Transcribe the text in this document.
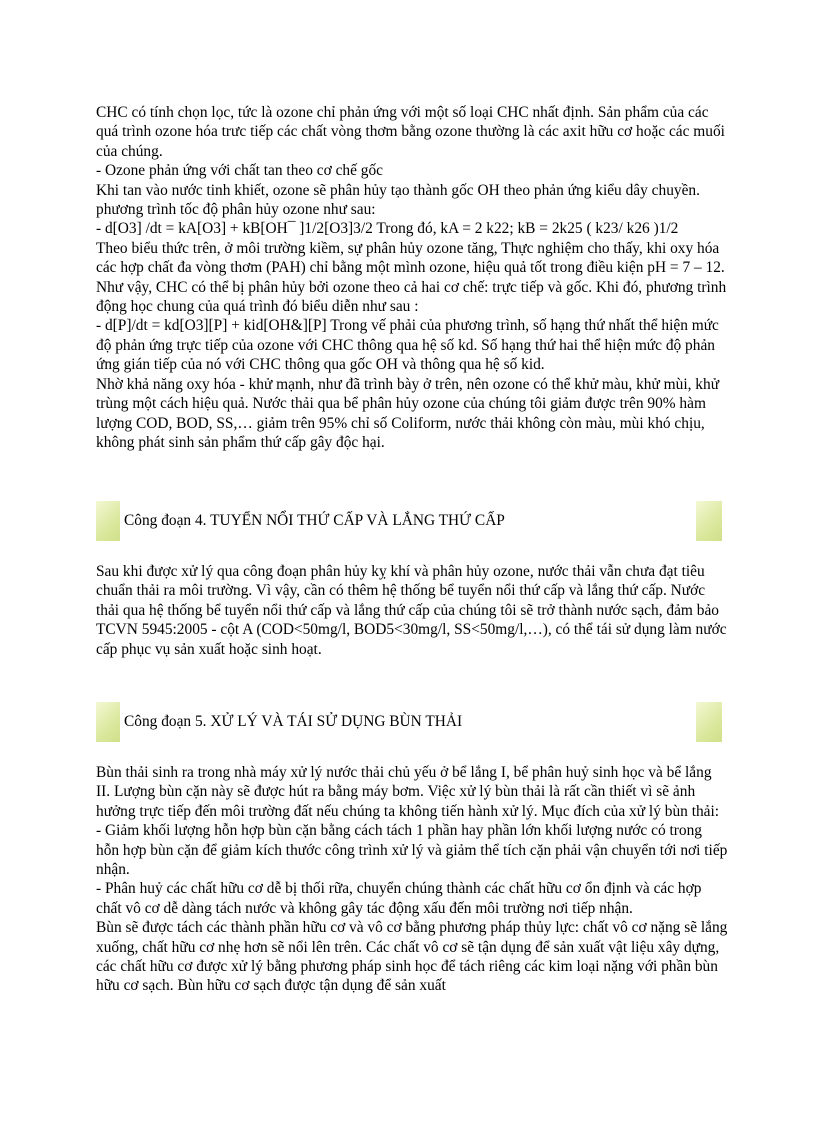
CHC có tính chọn lọc, tức là ozone chỉ phản ứng với một số loại CHC nhất định. Sản phẩm của các quá trình ozone hóa trưc tiếp các chất vòng thơm bằng ozone thường là các axit hữu cơ hoặc các muối của chúng.

- Ozone phản ứng với chất tan theo cơ chế gốc

Khi tan vào nước tinh khiết, ozone sẽ phân hủy tạo thành gốc OH theo phản ứng kiểu dây chuyền. phương trình tốc độ phân hủy ozone như sau:

- d[O3] /dt = kA[O3] + kB[OH¯ ]1/2[O3]3/2 Trong đó, kA = 2 k22; kB = 2k25 ( k23/ k26 )1/2

Theo biểu thức trên, ở môi trường kiềm, sự phân hủy ozone tăng, Thực nghiệm cho thấy, khi oxy hóa các hợp chất đa vòng thơm (PAH) chỉ bằng một mình ozone, hiệu quả tốt trong điều kiện pH = 7 – 12.

Như vậy, CHC có thể bị phân hủy bởi ozone theo cả hai cơ chế: trực tiếp và gốc. Khi đó, phương trình động học chung của quá trình đó biểu diễn như sau :

- d[P]/dt = kd[O3][P] + kid[OH&][P] Trong vế phải của phương trình, số hạng thứ nhất thể hiện mức độ phản ứng trực tiếp của ozone với CHC thông qua hệ số kd. Số hạng thứ hai thể hiện mức độ phản ứng gián tiếp của nó với CHC thông qua gốc OH và thông qua hệ số kid.

Nhờ khả năng oxy hóa - khử mạnh, như đã trình bày ở trên, nên ozone có thể khử màu, khử mùi, khử trùng một cách hiệu quả. Nước thải qua bể phân hủy ozone của chúng tôi giảm được trên 90% hàm lượng COD, BOD, SS,… giảm trên 95% chỉ số Coliform, nước thải không còn màu, mùi khó chịu, không phát sinh sản phẩm thứ cấp gây độc hại.

Công đoạn 4. TUYỂN NỔI THỨ CẤP VÀ LẮNG THỨ CẤP

Sau khi được xử lý qua công đoạn phân hủy kỵ khí và phân hủy ozone, nước thải vẫn chưa đạt tiêu chuẩn thải ra môi trường. Vì vậy, cần có thêm hệ thống bể tuyển nổi thứ cấp và lắng thứ cấp. Nước thải qua hệ thống bể tuyển nổi thứ cấp và lắng thứ cấp của chúng tôi sẽ trở thành nước sạch, đảm bảo TCVN 5945:2005 - cột A (COD<50mg/l, BOD5<30mg/l, SS<50mg/l,…), có thể tái sử dụng làm nước cấp phục vụ sản xuất hoặc sinh hoạt.

Công đoạn 5. XỬ LÝ VÀ TÁI SỬ DỤNG BÙN THẢI

Bùn thải sinh ra trong nhà máy xử lý nước thải chủ yếu ở bể lắng I, bể phân huỷ sinh học và bể lắng II. Lượng bùn cặn này sẽ được hút ra bằng máy bơm. Việc xử lý bùn thải là rất cần thiết vì sẽ ảnh hưởng trực tiếp đến môi trường đất nếu chúng ta không tiến hành xử lý. Mục đích của xử lý bùn thải:

- Giảm khối lượng hỗn hợp bùn cặn bằng cách tách 1 phần hay phần lớn khối lượng nước có trong hỗn hợp bùn cặn để giảm kích thước công trình xử lý và giảm thể tích cặn phải vận chuyển tới nơi tiếp nhận.

- Phân huỷ các chất hữu cơ dễ bị thối rữa, chuyển chúng thành các chất hữu cơ ổn định và các hợp chất vô cơ dễ dàng tách nước và không gây tác động xấu đến môi trường nơi tiếp nhận.

Bùn sẽ được tách các thành phần hữu cơ và vô cơ bằng phương pháp thủy lực: chất vô cơ nặng sẽ lắng xuống, chất hữu cơ nhẹ hơn sẽ nổi lên trên. Các chất vô cơ sẽ tận dụng để sản xuất vật liệu xây dựng, các chất hữu cơ được xử lý bằng phương pháp sinh học để tách riêng các kim loại nặng với phần bùn hữu cơ sạch. Bùn hữu cơ sạch được tận dụng để sản xuất
